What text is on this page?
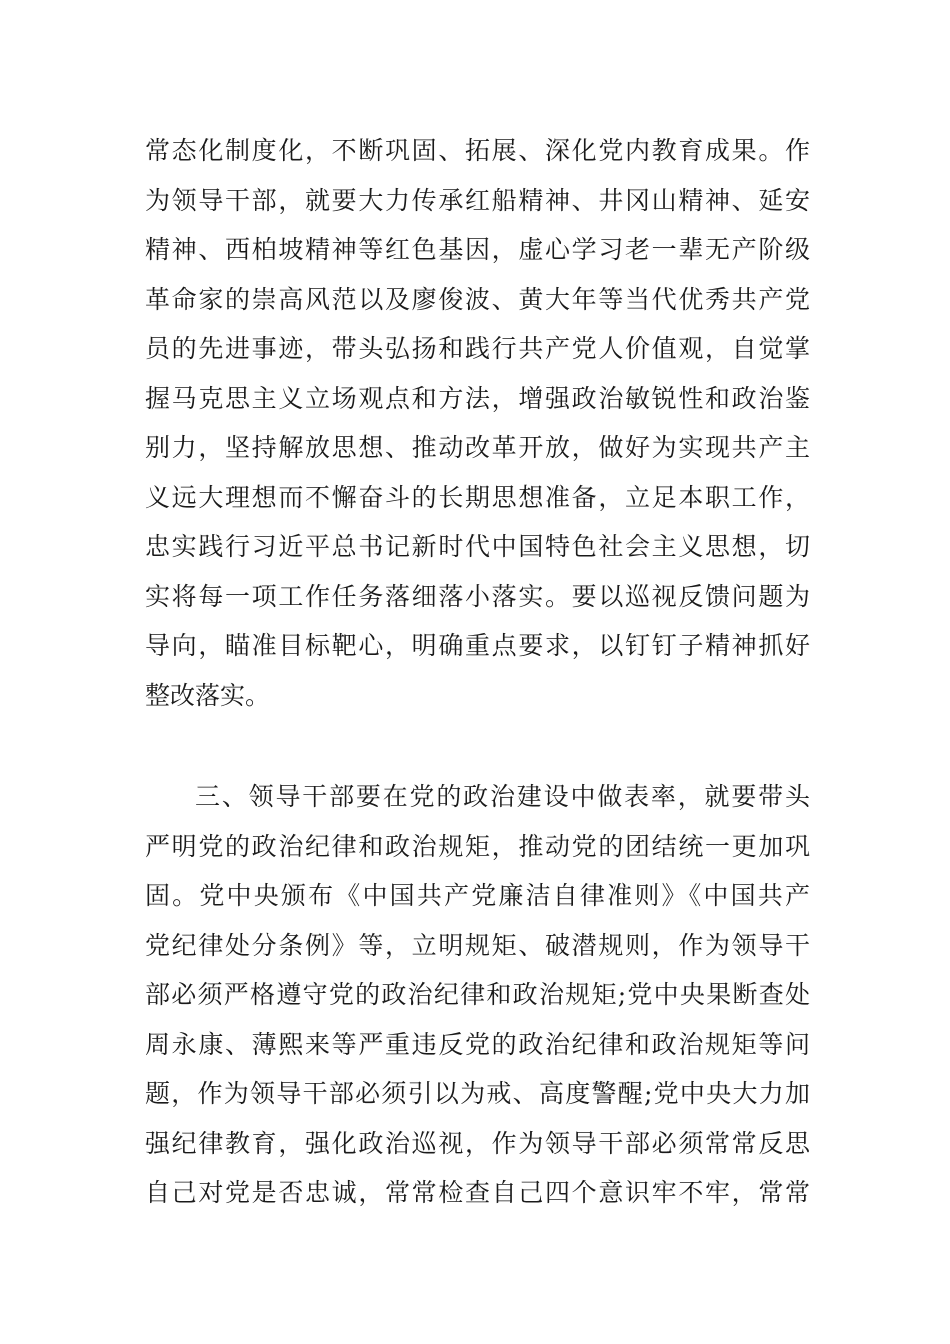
常态化制度化，不断巩固、拓展、深化党内教育成果。作
为领导干部，就要大力传承红船精神、井冈山精神、延安
精神、西柏坡精神等红色基因，虚心学习老一辈无产阶级
革命家的崇高风范以及廖俊波、黄大年等当代优秀共产党
员的先进事迹，带头弘扬和践行共产党人价值观，自觉掌
握马克思主义立场观点和方法，增强政治敏锐性和政治鉴
别力，坚持解放思想、推动改革开放，做好为实现共产主
义远大理想而不懈奋斗的长期思想准备，立足本职工作，
忠实践行习近平总书记新时代中国特色社会主义思想，切
实将每一项工作任务落细落小落实。要以巡视反馈问题为
导向，瞄准目标靶心，明确重点要求，以钉钉子精神抓好
整改落实。
三、领导干部要在党的政治建设中做表率，就要带头
严明党的政治纪律和政治规矩，推动党的团结统一更加巩
固。党中央颁布《中国共产党廉洁自律准则》《中国共产
党纪律处分条例》等，立明规矩、破潜规则，作为领导干
部必须严格遵守党的政治纪律和政治规矩;党中央果断查处
周永康、薄熙来等严重违反党的政治纪律和政治规矩等问
题，作为领导干部必须引以为戒、高度警醒;党中央大力加
强纪律教育，强化政治巡视，作为领导干部必须常常反思
自己对党是否忠诚，常常检查自己四个意识牢不牢，常常
